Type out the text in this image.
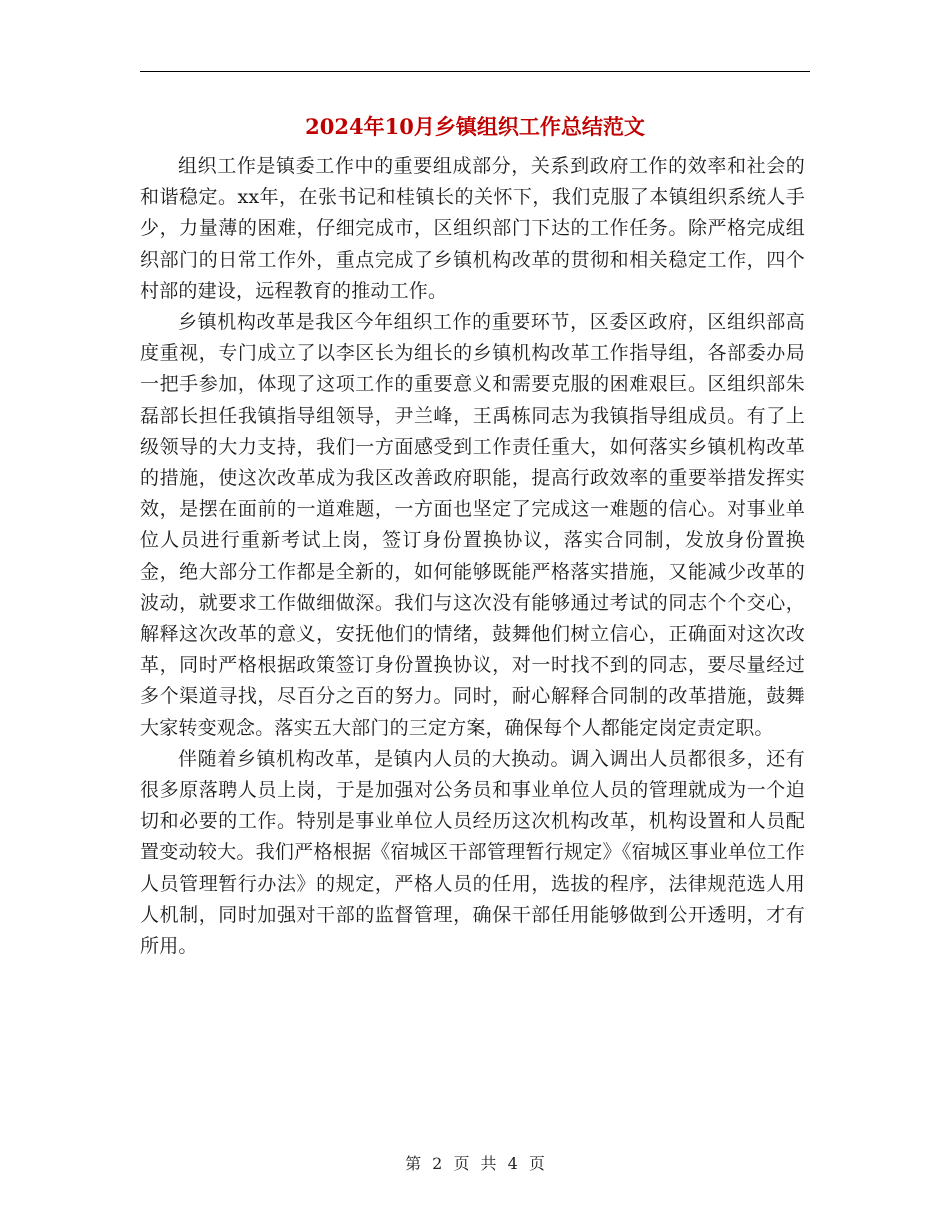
2024年10月乡镇组织工作总结范文

组织工作是镇委工作中的重要组成部分，关系到政府工作的效率和社会的和谐稳定。xx年，在张书记和桂镇长的关怀下，我们克服了本镇组织系统人手少，力量薄的困难，仔细完成市，区组织部门下达的工作任务。除严格完成组织部门的日常工作外，重点完成了乡镇机构改革的贯彻和相关稳定工作，四个村部的建设，远程教育的推动工作。

乡镇机构改革是我区今年组织工作的重要环节，区委区政府，区组织部高度重视，专门成立了以李区长为组长的乡镇机构改革工作指导组，各部委办局一把手参加，体现了这项工作的重要意义和需要克服的困难艰巨。区组织部朱磊部长担任我镇指导组领导，尹兰峰，王禹栋同志为我镇指导组成员。有了上级领导的大力支持，我们一方面感受到工作责任重大，如何落实乡镇机构改革的措施，使这次改革成为我区改善政府职能，提高行政效率的重要举措发挥实效，是摆在面前的一道难题，一方面也坚定了完成这一难题的信心。对事业单位人员进行重新考试上岗，签订身份置换协议，落实合同制，发放身份置换金，绝大部分工作都是全新的，如何能够既能严格落实措施，又能减少改革的波动，就要求工作做细做深。我们与这次没有能够通过考试的同志个个交心，解释这次改革的意义，安抚他们的情绪，鼓舞他们树立信心，正确面对这次改革，同时严格根据政策签订身份置换协议，对一时找不到的同志，要尽量经过多个渠道寻找，尽百分之百的努力。同时，耐心解释合同制的改革措施，鼓舞大家转变观念。落实五大部门的三定方案，确保每个人都能定岗定责定职。

伴随着乡镇机构改革，是镇内人员的大换动。调入调出人员都很多，还有很多原落聘人员上岗，于是加强对公务员和事业单位人员的管理就成为一个迫切和必要的工作。特别是事业单位人员经历这次机构改革，机构设置和人员配置变动较大。我们严格根据《宿城区干部管理暂行规定》《宿城区事业单位工作人员管理暂行办法》的规定，严格人员的任用，选拔的程序，法律规范选人用人机制，同时加强对干部的监督管理，确保干部任用能够做到公开透明，才有所用。

第 2 页 共 4 页
